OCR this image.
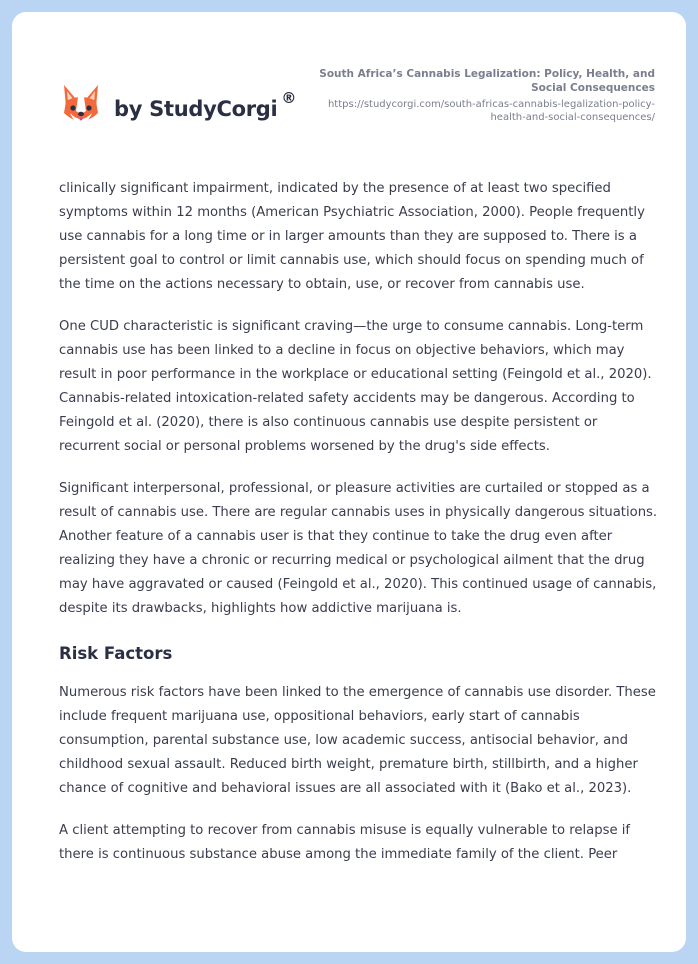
by StudyCorgi ®
South Africa’s Cannabis Legalization: Policy, Health, and Social Consequences
https://studycorgi.com/south-africas-cannabis-legalization-policy-health-and-social-consequences/

clinically significant impairment, indicated by the presence of at least two specified symptoms within 12 months (American Psychiatric Association, 2000). People frequently use cannabis for a long time or in larger amounts than they are supposed to. There is a persistent goal to control or limit cannabis use, which should focus on spending much of the time on the actions necessary to obtain, use, or recover from cannabis use.

One CUD characteristic is significant craving—the urge to consume cannabis. Long-term cannabis use has been linked to a decline in focus on objective behaviors, which may result in poor performance in the workplace or educational setting (Feingold et al., 2020). Cannabis-related intoxication-related safety accidents may be dangerous. According to Feingold et al. (2020), there is also continuous cannabis use despite persistent or recurrent social or personal problems worsened by the drug's side effects.

Significant interpersonal, professional, or pleasure activities are curtailed or stopped as a result of cannabis use. There are regular cannabis uses in physically dangerous situations. Another feature of a cannabis user is that they continue to take the drug even after realizing they have a chronic or recurring medical or psychological ailment that the drug may have aggravated or caused (Feingold et al., 2020). This continued usage of cannabis, despite its drawbacks, highlights how addictive marijuana is.

Risk Factors

Numerous risk factors have been linked to the emergence of cannabis use disorder. These include frequent marijuana use, oppositional behaviors, early start of cannabis consumption, parental substance use, low academic success, antisocial behavior, and childhood sexual assault. Reduced birth weight, premature birth, stillbirth, and a higher chance of cognitive and behavioral issues are all associated with it (Bako et al., 2023).

A client attempting to recover from cannabis misuse is equally vulnerable to relapse if there is continuous substance abuse among the immediate family of the client. Peer
